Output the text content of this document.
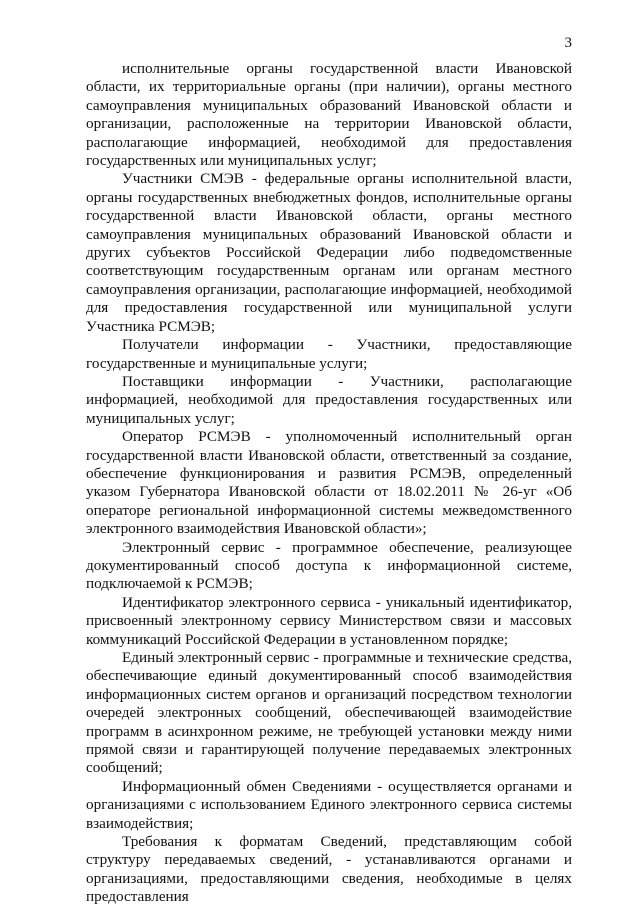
3

исполнительные органы государственной власти Ивановской области, их территориальные органы (при наличии), органы местного самоуправления муниципальных образований Ивановской области и организации, расположенные на территории Ивановской области, располагающие информацией, необходимой для предоставления государственных или муниципальных услуг;

Участники СМЭВ - федеральные органы исполнительной власти, органы государственных внебюджетных фондов, исполнительные органы государственной власти Ивановской области, органы местного самоуправления муниципальных образований Ивановской области и других субъектов Российской Федерации либо подведомственные соответствующим государственным органам или органам местного самоуправления организации, располагающие информацией, необходимой для предоставления государственной или муниципальной услуги Участника РСМЭВ;

Получатели информации - Участники, предоставляющие государственные и муниципальные услуги;

Поставщики информации - Участники, располагающие информацией, необходимой для предоставления государственных или муниципальных услуг;

Оператор РСМЭВ - уполномоченный исполнительный орган государственной власти Ивановской области, ответственный за создание, обеспечение функционирования и развития РСМЭВ, определенный указом Губернатора Ивановской области от 18.02.2011 № 26-уг «Об операторе региональной информационной системы межведомственного электронного взаимодействия Ивановской области»;

Электронный сервис - программное обеспечение, реализующее документированный способ доступа к информационной системе, подключаемой к РСМЭВ;

Идентификатор электронного сервиса - уникальный идентификатор, присвоенный электронному сервису Министерством связи и массовых коммуникаций Российской Федерации в установленном порядке;

Единый электронный сервис - программные и технические средства, обеспечивающие единый документированный способ взаимодействия информационных систем органов и организаций посредством технологии очередей электронных сообщений, обеспечивающей взаимодействие программ в асинхронном режиме, не требующей установки между ними прямой связи и гарантирующей получение передаваемых электронных сообщений;

Информационный обмен Сведениями - осуществляется органами и организациями с использованием Единого электронного сервиса системы взаимодействия;

Требования к форматам Сведений, представляющим собой структуру передаваемых сведений, - устанавливаются органами и организациями, предоставляющими сведения, необходимые в целях предоставления
